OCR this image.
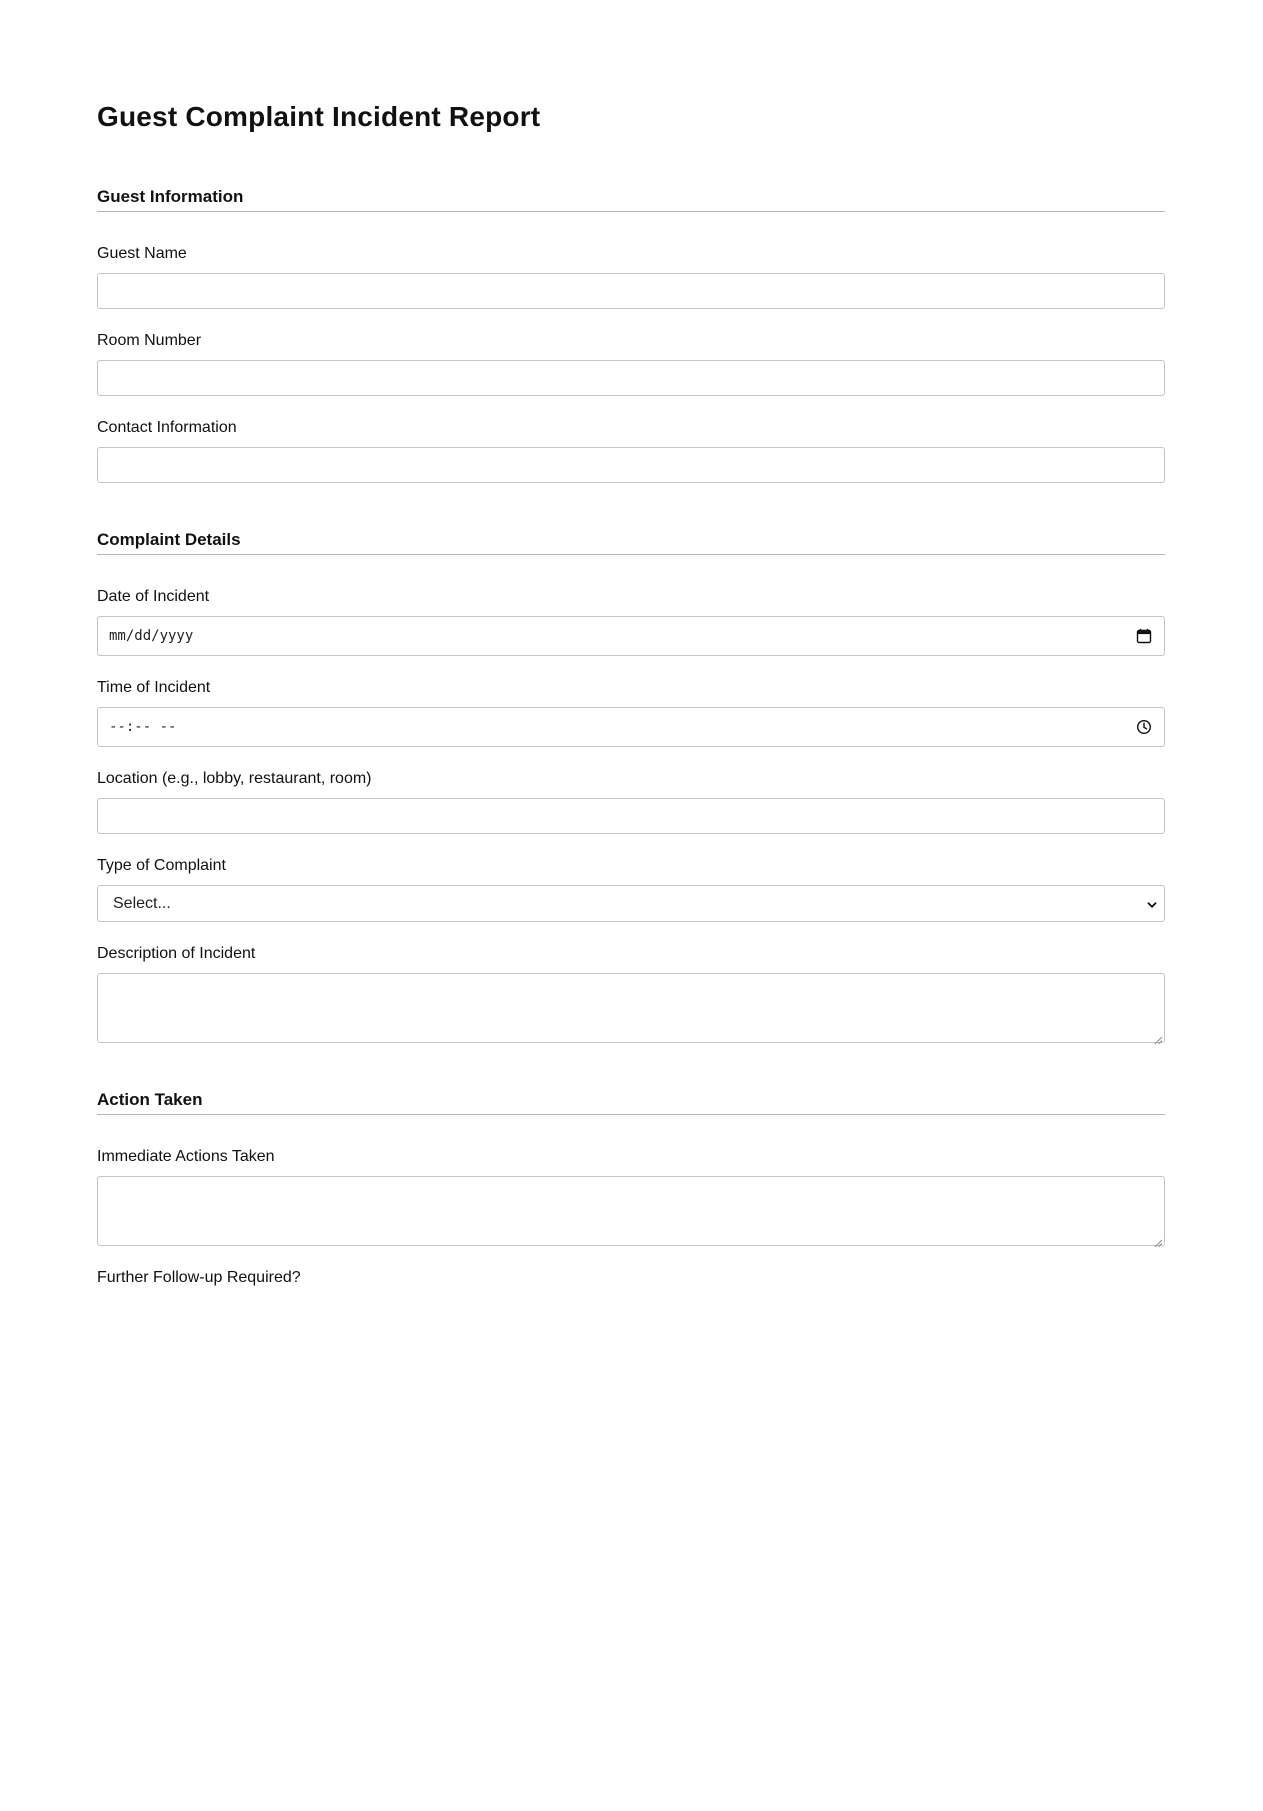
Guest Complaint Incident Report
Guest Information
Guest Name
Room Number
Contact Information
Complaint Details
Date of Incident
mm/dd/yyyy
Time of Incident
--:-- --
Location (e.g., lobby, restaurant, room)
Type of Complaint
Select...
Description of Incident
Action Taken
Immediate Actions Taken
Further Follow-up Required?
